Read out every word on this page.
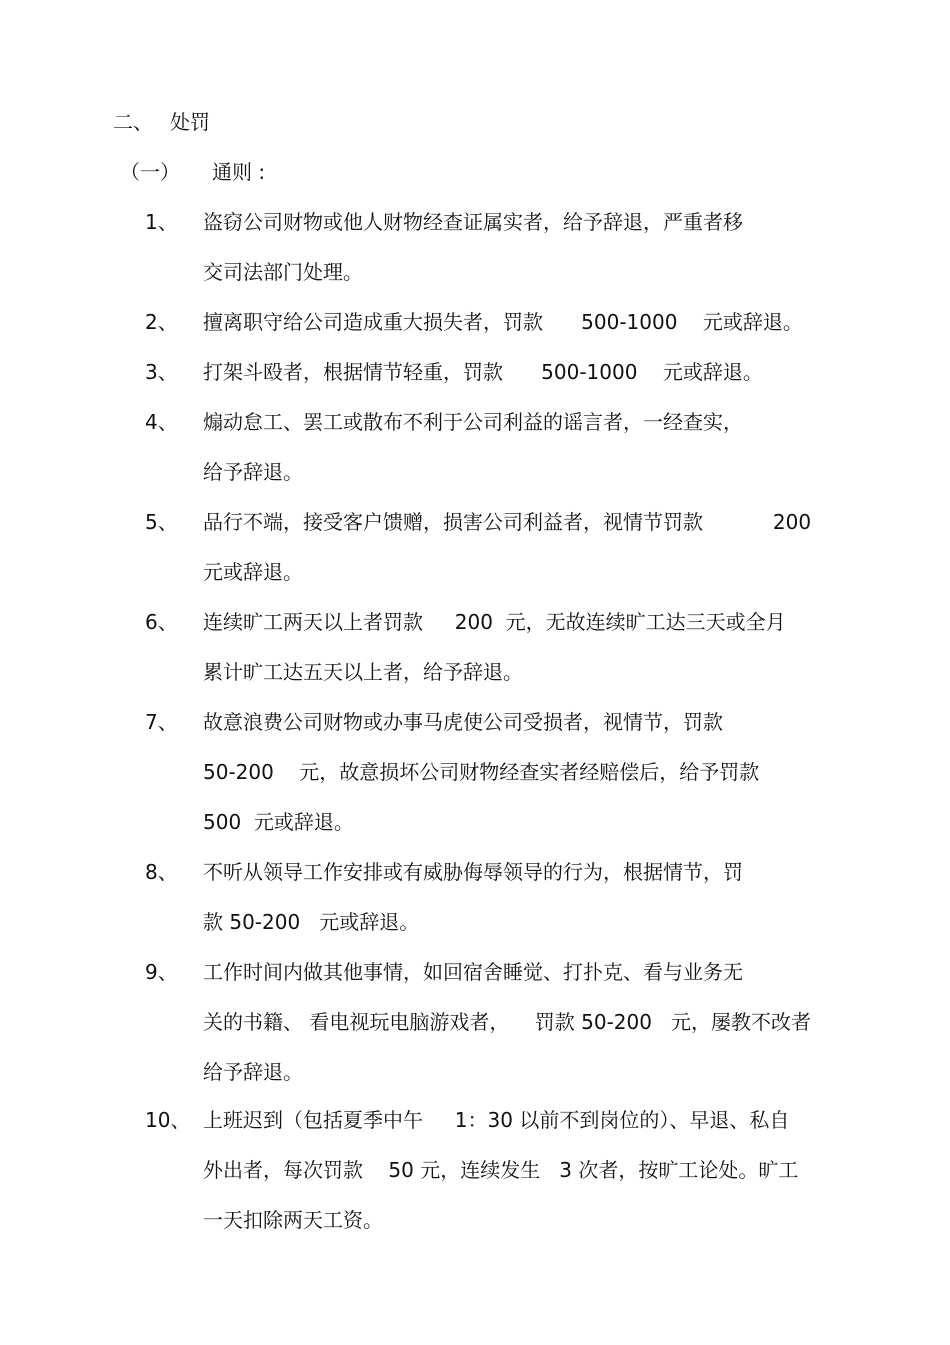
二、 处罚
（一） 通则 :
1、 盗窃公司财物或他人财物经查证属实者，给予辞退，严重者移
交司法部门处理。
2、 擅离职守给公司造成重大损失者，罚款      500-1000    元或辞退。
3、 打架斗殴者，根据情节轻重，罚款      500-1000    元或辞退。
4、 煽动怠工、罢工或散布不利于公司利益的谣言者，一经查实，
给予辞退。
5、 品行不端，接受客户馈赠，损害公司利益者，视情节罚款           200
元或辞退。
6、 连续旷工两天以上者罚款     200  元，无故连续旷工达三天或全月
累计旷工达五天以上者，给予辞退。
7、 故意浪费公司财物或办事马虎使公司受损者，视情节，罚款
50-200    元，故意损坏公司财物经查实者经赔偿后，给予罚款
500  元或辞退。
8、 不听从领导工作安排或有威胁侮辱领导的行为，根据情节，罚
款 50-200   元或辞退。
9、 工作时间内做其他事情，如回宿舍睡觉、打扑克、看与业务无
关的书籍、 看电视玩电脑游戏者，    罚款 50-200   元，屡教不改者
给予辞退。
10、 上班迟到（包括夏季中午     1：30 以前不到岗位的）、早退、私自
外出者，每次罚款    50 元，连续发生   3 次者，按旷工论处。旷工
一天扣除两天工资。
